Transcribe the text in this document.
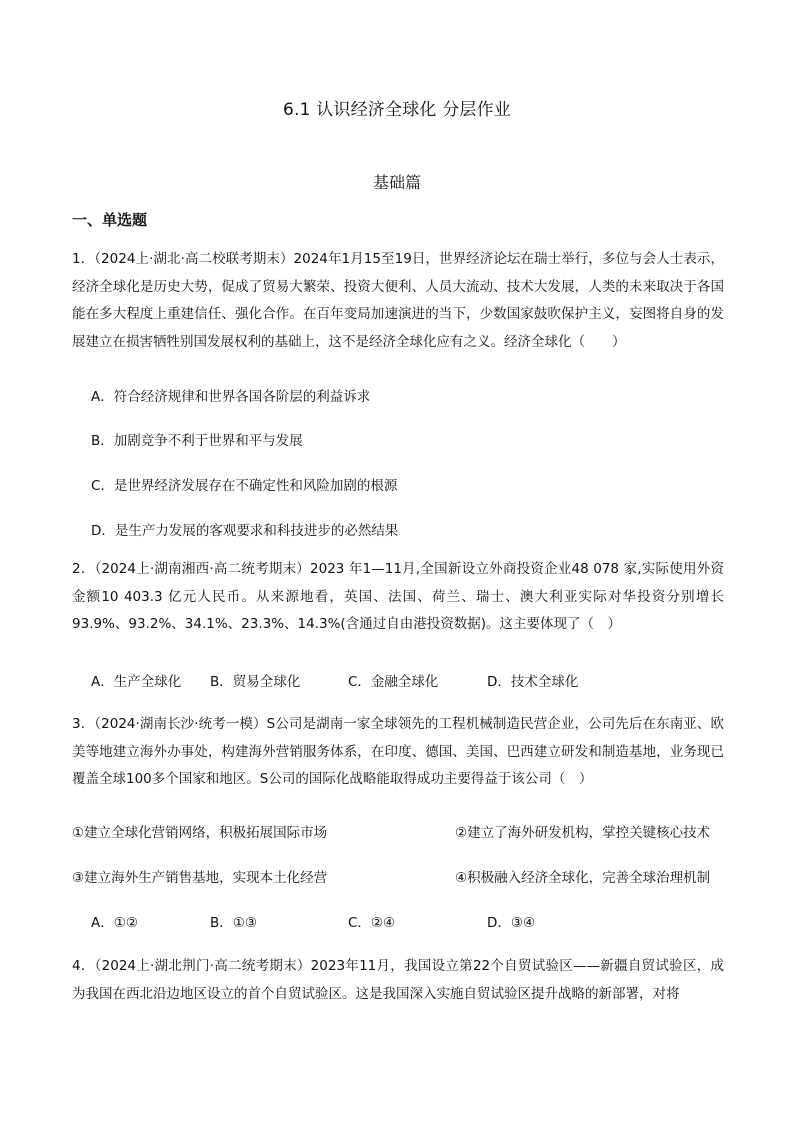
6.1 认识经济全球化 分层作业
基础篇
一、单选题
1．（2024上·湖北·高二校联考期末）2024年1月15至19日，世界经济论坛在瑞士举行，多位与会人士表示，经济全球化是历史大势，促成了贸易大繁荣、投资大便利、人员大流动、技术大发展，人类的未来取决于各国能在多大程度上重建信任、强化合作。在百年变局加速演进的当下，少数国家鼓吹保护主义，妄图将自身的发展建立在损害牺牲别国发展权利的基础上，这不是经济全球化应有之义。经济全球化（　　）
A．符合经济规律和世界各国各阶层的利益诉求
B．加剧竞争不利于世界和平与发展
C．是世界经济发展存在不确定性和风险加剧的根源
D．是生产力发展的客观要求和科技进步的必然结果
2．（2024上·湖南湘西·高二统考期末）2023 年1—11月,全国新设立外商投资企业48 078 家,实际使用外资金额10 403.3 亿元人民币。从来源地看，英国、法国、荷兰、瑞士、澳大利亚实际对华投资分别增长93.9%、93.2%、34.1%、23.3%、14.3%(含通过自由港投资数据)。这主要体现了（　）
A．生产全球化 B．贸易全球化	C．金融全球化	D．技术全球化
3．（2024·湖南长沙·统考一模）S公司是湖南一家全球领先的工程机械制造民营企业，公司先后在东南亚、欧美等地建立海外办事处，构建海外营销服务体系，在印度、德国、美国、巴西建立研发和制造基地，业务现已覆盖全球100多个国家和地区。S公司的国际化战略能取得成功主要得益于该公司（　）
①建立全球化营销网络，积极拓展国际市场	②建立了海外研发机构，掌控关键核心技术
③建立海外生产销售基地，实现本土化经营	④积极融入经济全球化，完善全球治理机制
A．①②	B．①③	C．②④	D．③④
4．（2024上·湖北荆门·高二统考期末）2023年11月，我国设立第22个自贸试验区——新疆自贸试验区，成为我国在西北沿边地区设立的首个自贸试验区。这是我国深入实施自贸试验区提升战略的新部署，对将
